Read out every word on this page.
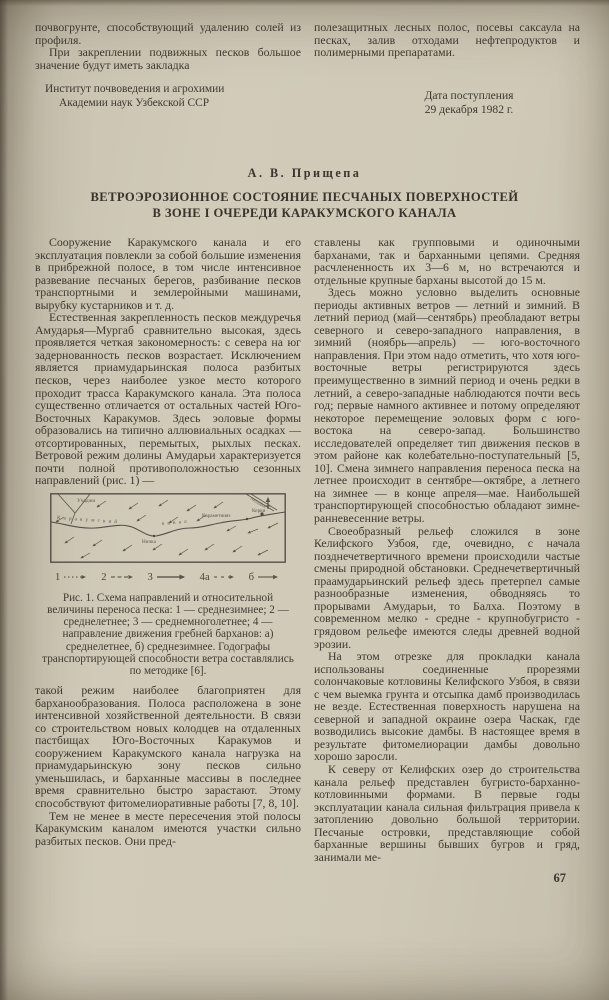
почвогрунте, способствующий удалению солей из профиля.

При закреплении подвижных песков большое значение будут иметь закладка

Институт почвоведения и агрохимии
Академии наук Узбекской ССР

полезащитных лесных полос, посевы саксаула на песках, залив отходами нефтепродуктов и полимерными препаратами.

Дата поступления
29 декабря 1982 г.
А. В. Прищепа
ВЕТРОЭРОЗИОННОЕ СОСТОЯНИЕ ПЕСЧАНЫХ ПОВЕРХНОСТЕЙ
В ЗОНЕ I ОЧЕРЕДИ КАРАКУМСКОГО КАНАЛА

Сооружение Каракумского канала и его эксплуатация повлекли за собой большие изменения в прибрежной полосе, в том числе интенсивное развевание песчаных берегов, разбивание песков транспортными и землеройными машинами, вырубку кустарников и т. д.

Естественная закрепленность песков междуречья Амударья—Мургаб сравнительно высокая, здесь проявляется четкая закономерность: с севера на юг задернованность песков возрастает. Исключением является приамударьинская полоса разбитых песков, через наиболее узкое место которого проходит трасса Каракумского канала. Эта полоса существенно отличается от остальных частей Юго-Восточных Каракумов. Здесь эоловые формы образовались на типично аллювиальных осадках — отсортированных, перемытых, рыхлых песках. Ветровой режим долины Амударьи характеризуется почти полной противоположностью сезонных направлений (рис. 1) —

Учаджи
Каракумский	канал
Ничка
Караметнияз
Керки
Амударья
1	2	3	4а	б
Рис. 1. Схема направлений и относительной величины переноса песка: 1 — среднезимнее; 2 — среднелетнее; 3 — среднемноголетнее; 4 — направление движения гребней барханов: а) среднелетнее, б) среднезимнее. Годографы транспортирующей способности ветра составлялись по методике [6].

такой режим наиболее благоприятен для барханообразования. Полоса расположена в зоне интенсивной хозяйственной деятельности. В связи со строительством новых колодцев на отдаленных пастбищах Юго-Восточных Каракумов и сооружением Каракумского канала нагрузка на приамударьинскую зону песков сильно уменьшилась, и барханные массивы в последнее время сравнительно быстро зарастают. Этому способствуют фитомелиоративные работы [7, 8, 10].

Тем не менее в месте пересечения этой полосы Каракумским каналом имеются участки сильно разбитых песков. Они пред-

ставлены как групповыми и одиночными барханами, так и барханными цепями. Средняя расчлененность их 3—6 м, но встречаются и отдельные крупные барханы высотой до 15 м.

Здесь можно условно выделить основные периоды активных ветров — летний и зимний. В летний период (май—сентябрь) преобладают ветры северного и северо-западного направления, в зимний (ноябрь—апрель) — юго-восточного направления. При этом надо отметить, что хотя юго-восточные ветры регистрируются здесь преимущественно в зимний период и очень редки в летний, а северо-западные наблюдаются почти весь год; первые намного активнее и потому определяют некоторое перемещение эоловых форм с юго-востока на северо-запад. Большинство исследователей определяет тип движения песков в этом районе как колебательно-поступательный [5, 10]. Смена зимнего направления переноса песка на летнее происходит в сентябре—октябре, а летнего на зимнее — в конце апреля—мае. Наибольшей транспортирующей способностью обладают зимне-ранневесенние ветры.

Своеобразный рельеф сложился в зоне Келифского Узбоя, где, очевидно, с начала позднечетвертичного времени происходили частые смены природной обстановки. Среднечетвертичный праамударьинский рельеф здесь претерпел самые разнообразные изменения, обводняясь то прорывами Амударьи, то Балха. Поэтому в современном мелко - средне - крупнобугристо - грядовом рельефе имеются следы древней водной эрозии.

На этом отрезке для прокладки канала использованы соединенные прорезями солончаковые котловины Келифского Узбоя, в связи с чем выемка грунта и отсыпка дамб производилась не везде. Естественная поверхность нарушена на северной и западной окраине озера Часкак, где возводились высокие дамбы. В настоящее время в результате фитомелиорации дамбы довольно хорошо заросли.

К северу от Келифских озер до строительства канала рельеф представлен бугристо-барханно-котловинными формами. В первые годы эксплуатации канала сильная фильтрация привела к затоплению довольно большой территории. Песчаные островки, представляющие собой барханные вершины бывших бугров и гряд, занимали ме-

67
